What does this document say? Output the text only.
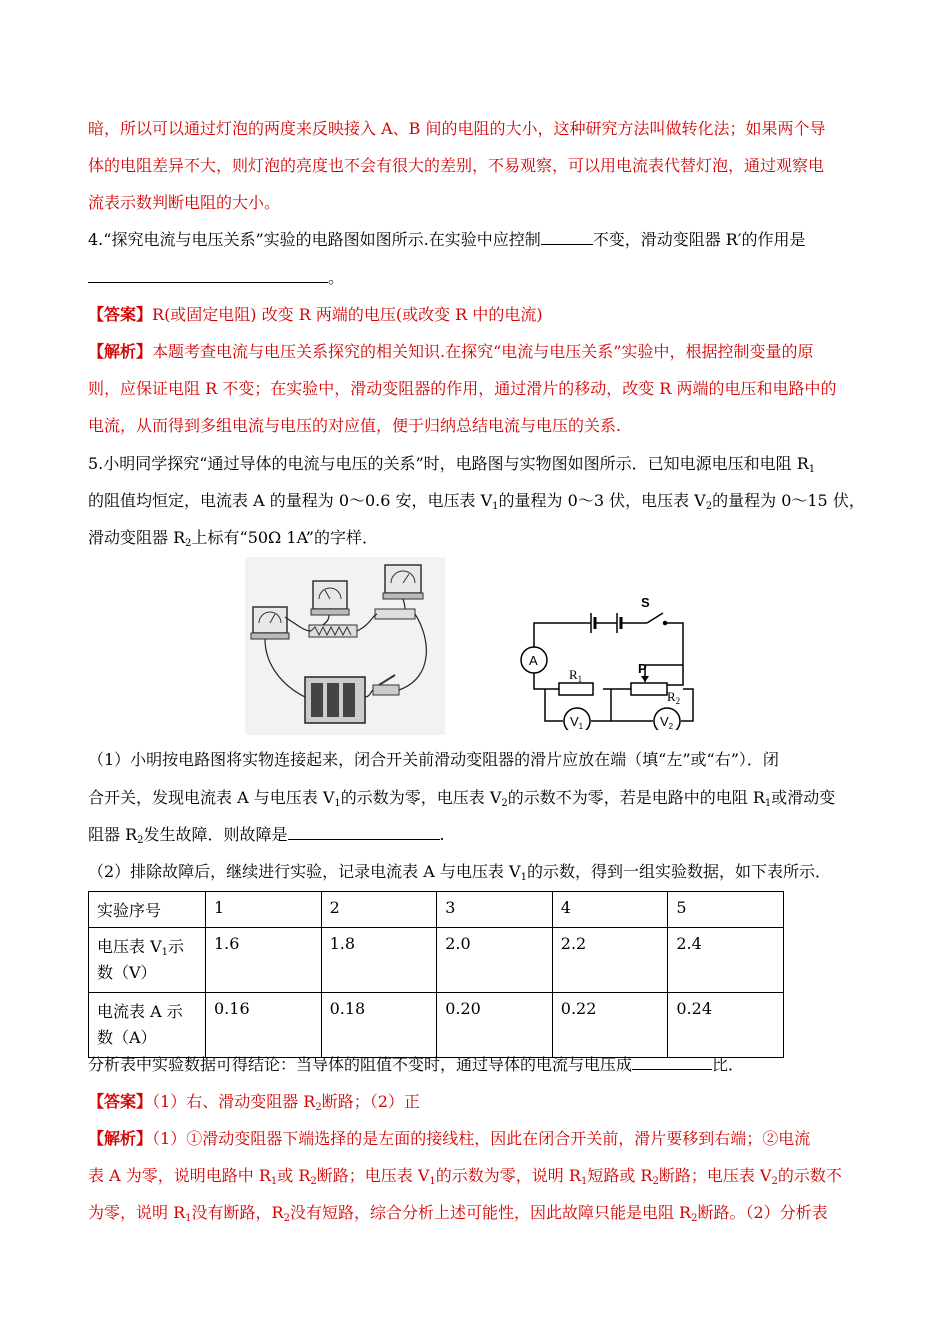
暗，所以可以通过灯泡的两度来反映接入 A、B 间的电阻的大小，这种研究方法叫做转化法；如果两个导
体的电阻差异不大，则灯泡的亮度也不会有很大的差别，不易观察，可以用电流表代替灯泡，通过观察电
流表示数判断电阻的大小。
4.“探究电流与电压关系”实验的电路图如图所示.在实验中应控制	不变，滑动变阻器 R′的作用是
。
【答案】R(或固定电阻) 改变 R 两端的电压(或改变 R 中的电流)
【解析】本题考查电流与电压关系探究的相关知识.在探究“电流与电压关系”实验中，根据控制变量的原
则，应保证电阻 R 不变；在实验中，滑动变阻器的作用，通过滑片的移动，改变 R 两端的电压和电路中的
电流，从而得到多组电流与电压的对应值，便于归纳总结电流与电压的关系.
5.小明同学探究“通过导体的电流与电压的关系”时，电路图与实物图如图所示．已知电源电压和电阻 $R_1$
的阻值均恒定，电流表 A 的量程为 0～0.6 安，电压表 $V_1$的量程为 0～3 伏，电压表 $V_2$的量程为 0～15 伏，
滑动变阻器 $R_2$上标有“50Ω 1A”的字样．
S
A
$R_1$
P
$R_2$
$V_1$	$V_2$
（1）小明按电路图将实物连接起来，闭合开关前滑动变阻器的滑片应放在端（填“左”或“右”）．闭
合开关，发现电流表 A 与电压表 $V_1$的示数为零，电压表 $V_2$的示数不为零，若是电路中的电阻 $R_1$或滑动变
阻器 $R_2$发生故障．则故障是	.
（2）排除故障后，继续进行实验，记录电流表 A 与电压表 $V_1$的示数，得到一组实验数据，如下表所示．
实验序号	1	2	3	4	5
电压表 $V_1$示
数（V）	1.6	1.8	2.0	2.2	2.4
电流表 A 示
数（A）	0.16	0.18	0.20	0.22	0.24
分析表中实验数据可得结论：当导体的阻值不变时，通过导体的电流与电压成	比．
【答案】（1）右、滑动变阻器 $R_2$断路；（2）正
【解析】（1）①滑动变阻器下端选择的是左面的接线柱，因此在闭合开关前，滑片要移到右端；②电流
表 A 为零，说明电路中 $R_1$或 $R_2$断路；电压表 $V_1$的示数为零，说明 $R_1$短路或 $R_2$断路；电压表 $V_2$的示数不
为零，说明 $R_1$没有断路，$R_2$没有短路，综合分析上述可能性，因此故障只能是电阻 $R_2$断路。（2）分析表
